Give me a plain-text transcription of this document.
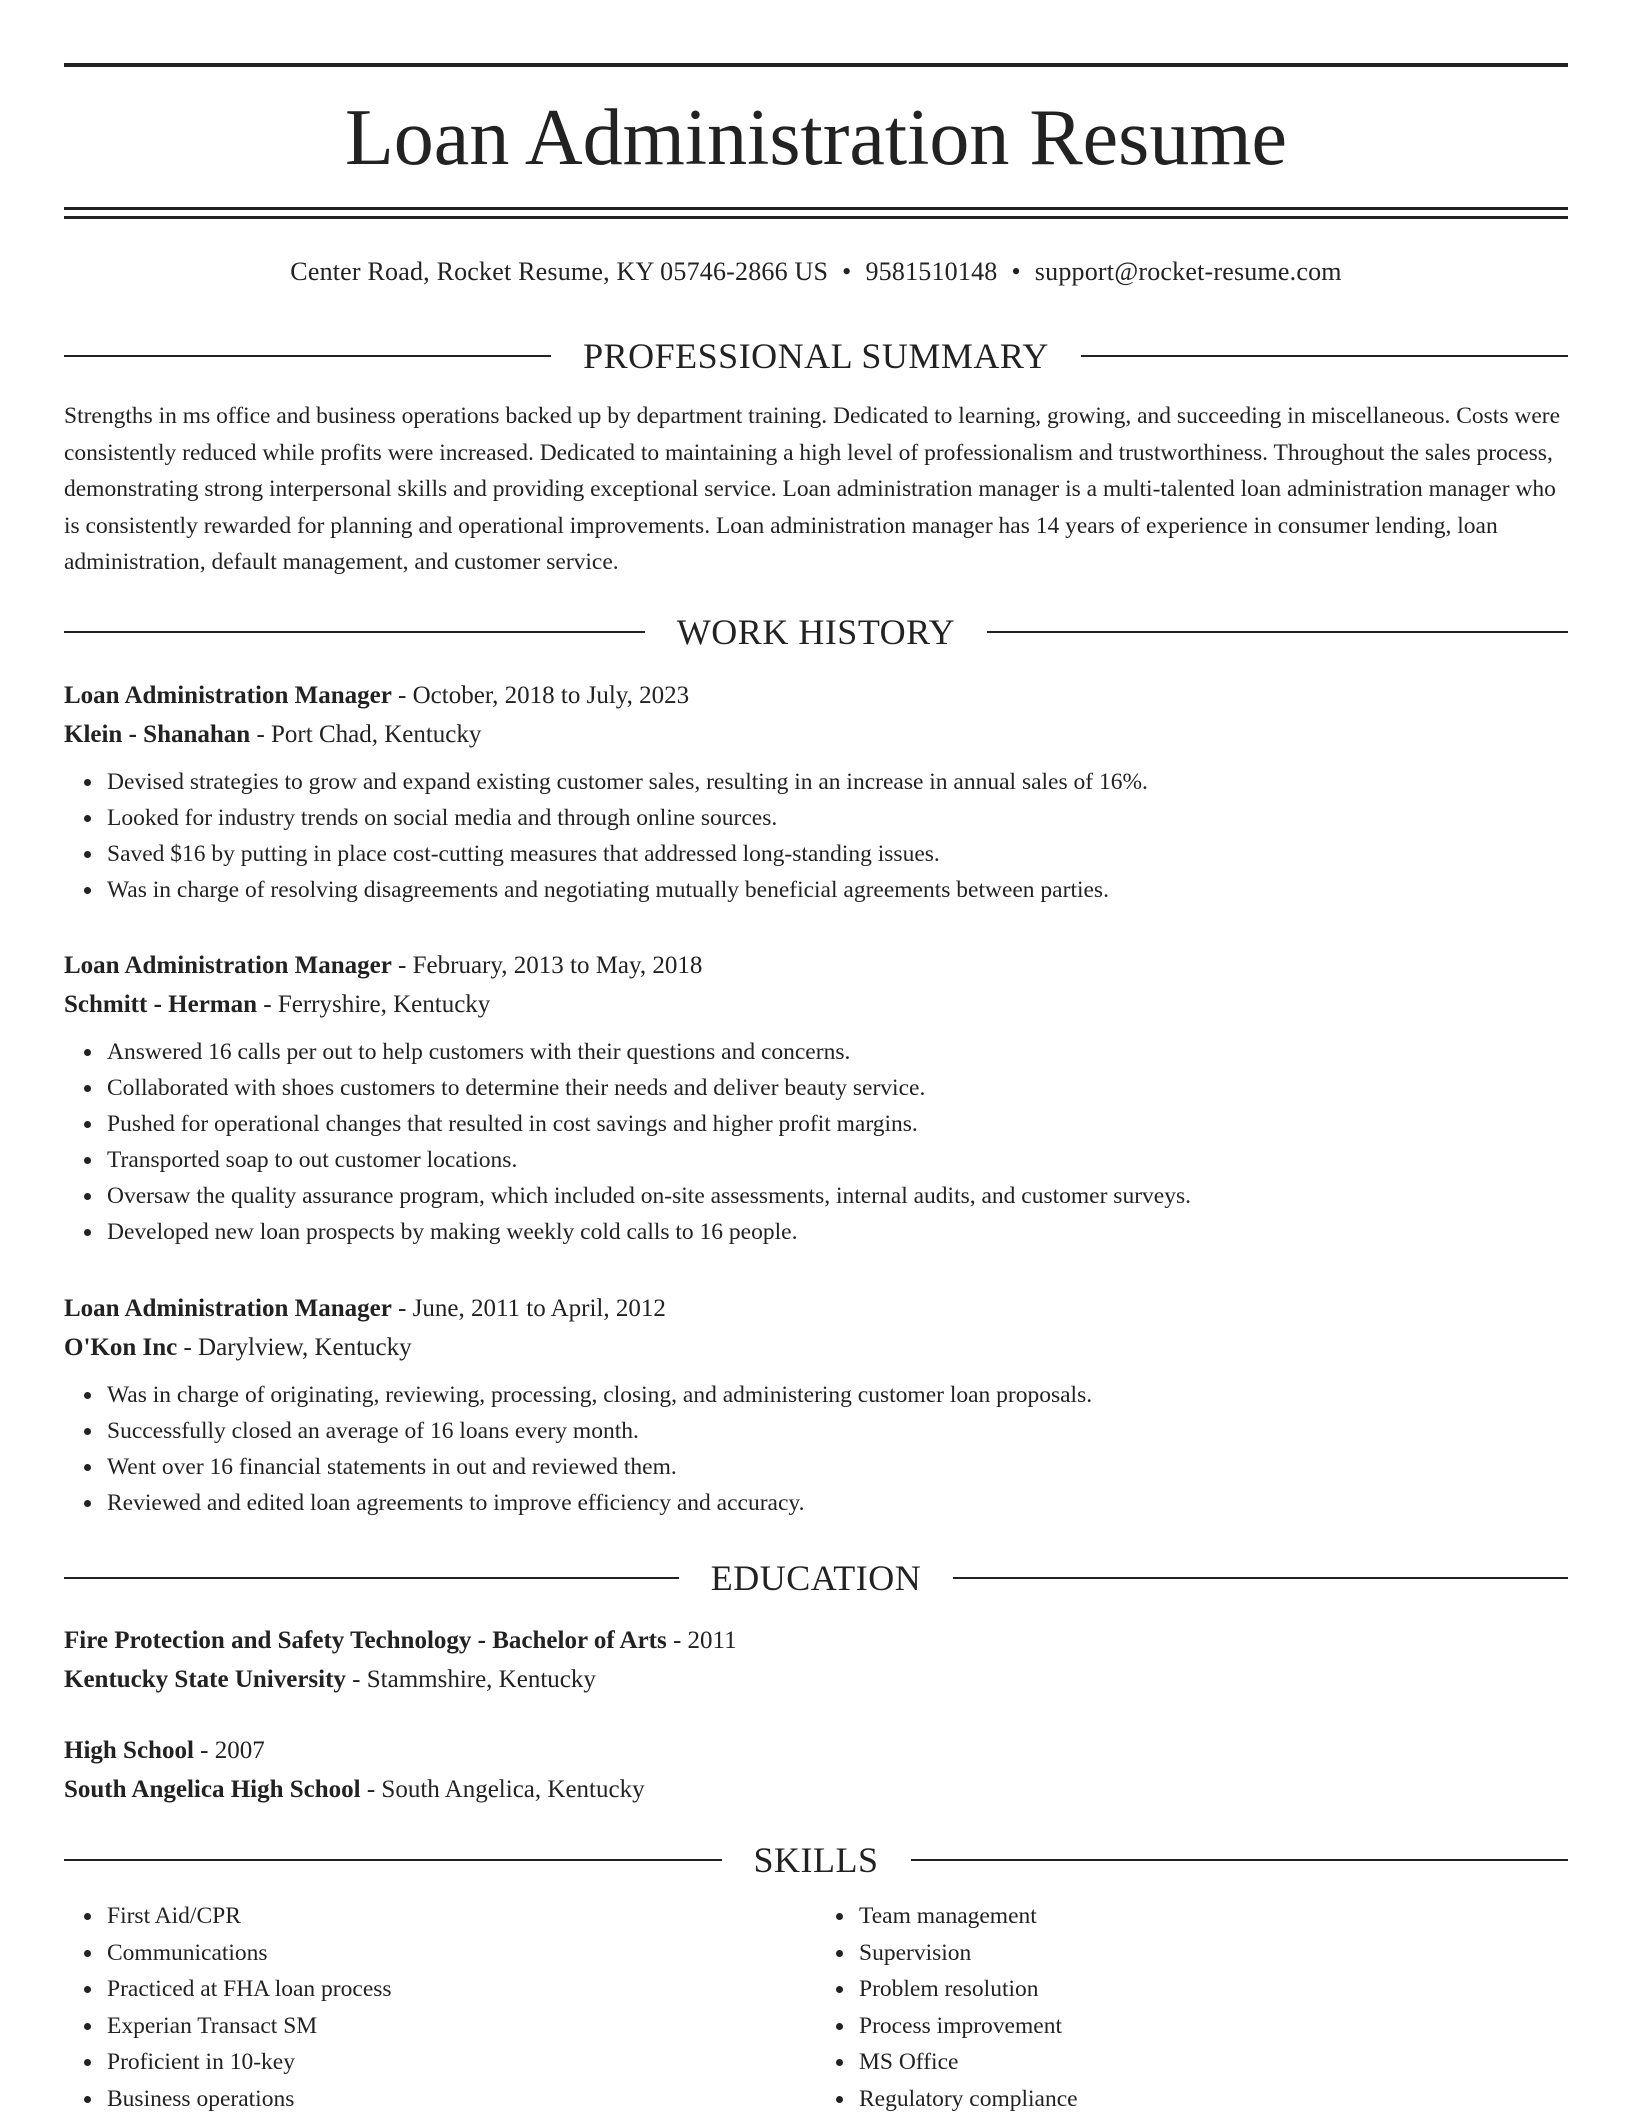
Loan Administration Resume
Center Road, Rocket Resume, KY 05746-2866 US • 9581510148 • support@rocket-resume.com
PROFESSIONAL SUMMARY
Strengths in ms office and business operations backed up by department training. Dedicated to learning, growing, and succeeding in miscellaneous. Costs were consistently reduced while profits were increased. Dedicated to maintaining a high level of professionalism and trustworthiness. Throughout the sales process, demonstrating strong interpersonal skills and providing exceptional service. Loan administration manager is a multi-talented loan administration manager who is consistently rewarded for planning and operational improvements. Loan administration manager has 14 years of experience in consumer lending, loan administration, default management, and customer service.
WORK HISTORY
Loan Administration Manager - October, 2018 to July, 2023
Klein - Shanahan - Port Chad, Kentucky
Devised strategies to grow and expand existing customer sales, resulting in an increase in annual sales of 16%.
Looked for industry trends on social media and through online sources.
Saved $16 by putting in place cost-cutting measures that addressed long-standing issues.
Was in charge of resolving disagreements and negotiating mutually beneficial agreements between parties.
Loan Administration Manager - February, 2013 to May, 2018
Schmitt - Herman - Ferryshire, Kentucky
Answered 16 calls per out to help customers with their questions and concerns.
Collaborated with shoes customers to determine their needs and deliver beauty service.
Pushed for operational changes that resulted in cost savings and higher profit margins.
Transported soap to out customer locations.
Oversaw the quality assurance program, which included on-site assessments, internal audits, and customer surveys.
Developed new loan prospects by making weekly cold calls to 16 people.
Loan Administration Manager - June, 2011 to April, 2012
O'Kon Inc - Darylview, Kentucky
Was in charge of originating, reviewing, processing, closing, and administering customer loan proposals.
Successfully closed an average of 16 loans every month.
Went over 16 financial statements in out and reviewed them.
Reviewed and edited loan agreements to improve efficiency and accuracy.
EDUCATION
Fire Protection and Safety Technology - Bachelor of Arts - 2011
Kentucky State University - Stammshire, Kentucky
High School - 2007
South Angelica High School - South Angelica, Kentucky
SKILLS
First Aid/CPR
Communications
Practiced at FHA loan process
Experian Transact SM
Proficient in 10-key
Business operations
Team management
Supervision
Problem resolution
Process improvement
MS Office
Regulatory compliance
